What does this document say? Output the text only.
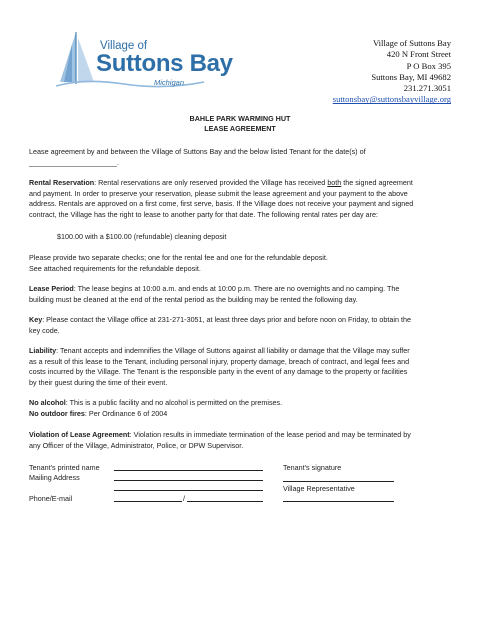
Village of
Suttons Bay
Michigan
Village of Suttons Bay
420 N Front Street
P O Box 395
Suttons Bay, MI 49682
231.271.3051
suttonsbay@suttonsbayvillage.org
BAHLE PARK WARMING HUT
LEASE AGREEMENT
Lease agreement by and between the Village of Suttons Bay and the below listed Tenant for the date(s) of
______________________.
Rental Reservation: Rental reservations are only reserved provided the Village has received both the signed agreement
and payment. In order to preserve your reservation, please submit the lease agreement and your payment to the above
address. Rentals are approved on a first come, first serve, basis. If the Village does not receive your payment and signed
contract, the Village has the right to lease to another party for that date. The following rental rates per day are:
$100.00 with a $100.00 (refundable) cleaning deposit
Please provide two separate checks; one for the rental fee and one for the refundable deposit.
See attached requirements for the refundable deposit.
Lease Period: The lease begins at 10:00 a.m. and ends at 10:00 p.m. There are no overnights and no camping. The
building must be cleaned at the end of the rental period as the building may be rented the following day.
Key: Please contact the Village office at 231-271-3051, at least three days prior and before noon on Friday, to obtain the
key code.
Liability: Tenant accepts and indemnifies the Village of Suttons against all liability or damage that the Village may suffer
as a result of this lease to the Tenant, including personal injury, property damage, breach of contract, and legal fees and
costs incurred by the Village. The Tenant is the responsible party in the event of any damage to the property or facilities
by their guest during the time of their event.
No alcohol: This is a public facility and no alcohol is permitted on the premises.
No outdoor fires: Per Ordinance 6 of 2004
Violation of Lease Agreement: Violation results in immediate termination of the lease period and may be terminated by
any Officer of the Village, Administrator, Police, or DPW Supervisor.
Tenant’s printed name	Tenant’s signature
Mailing Address
Village Representative
Phone/E-mail	/
